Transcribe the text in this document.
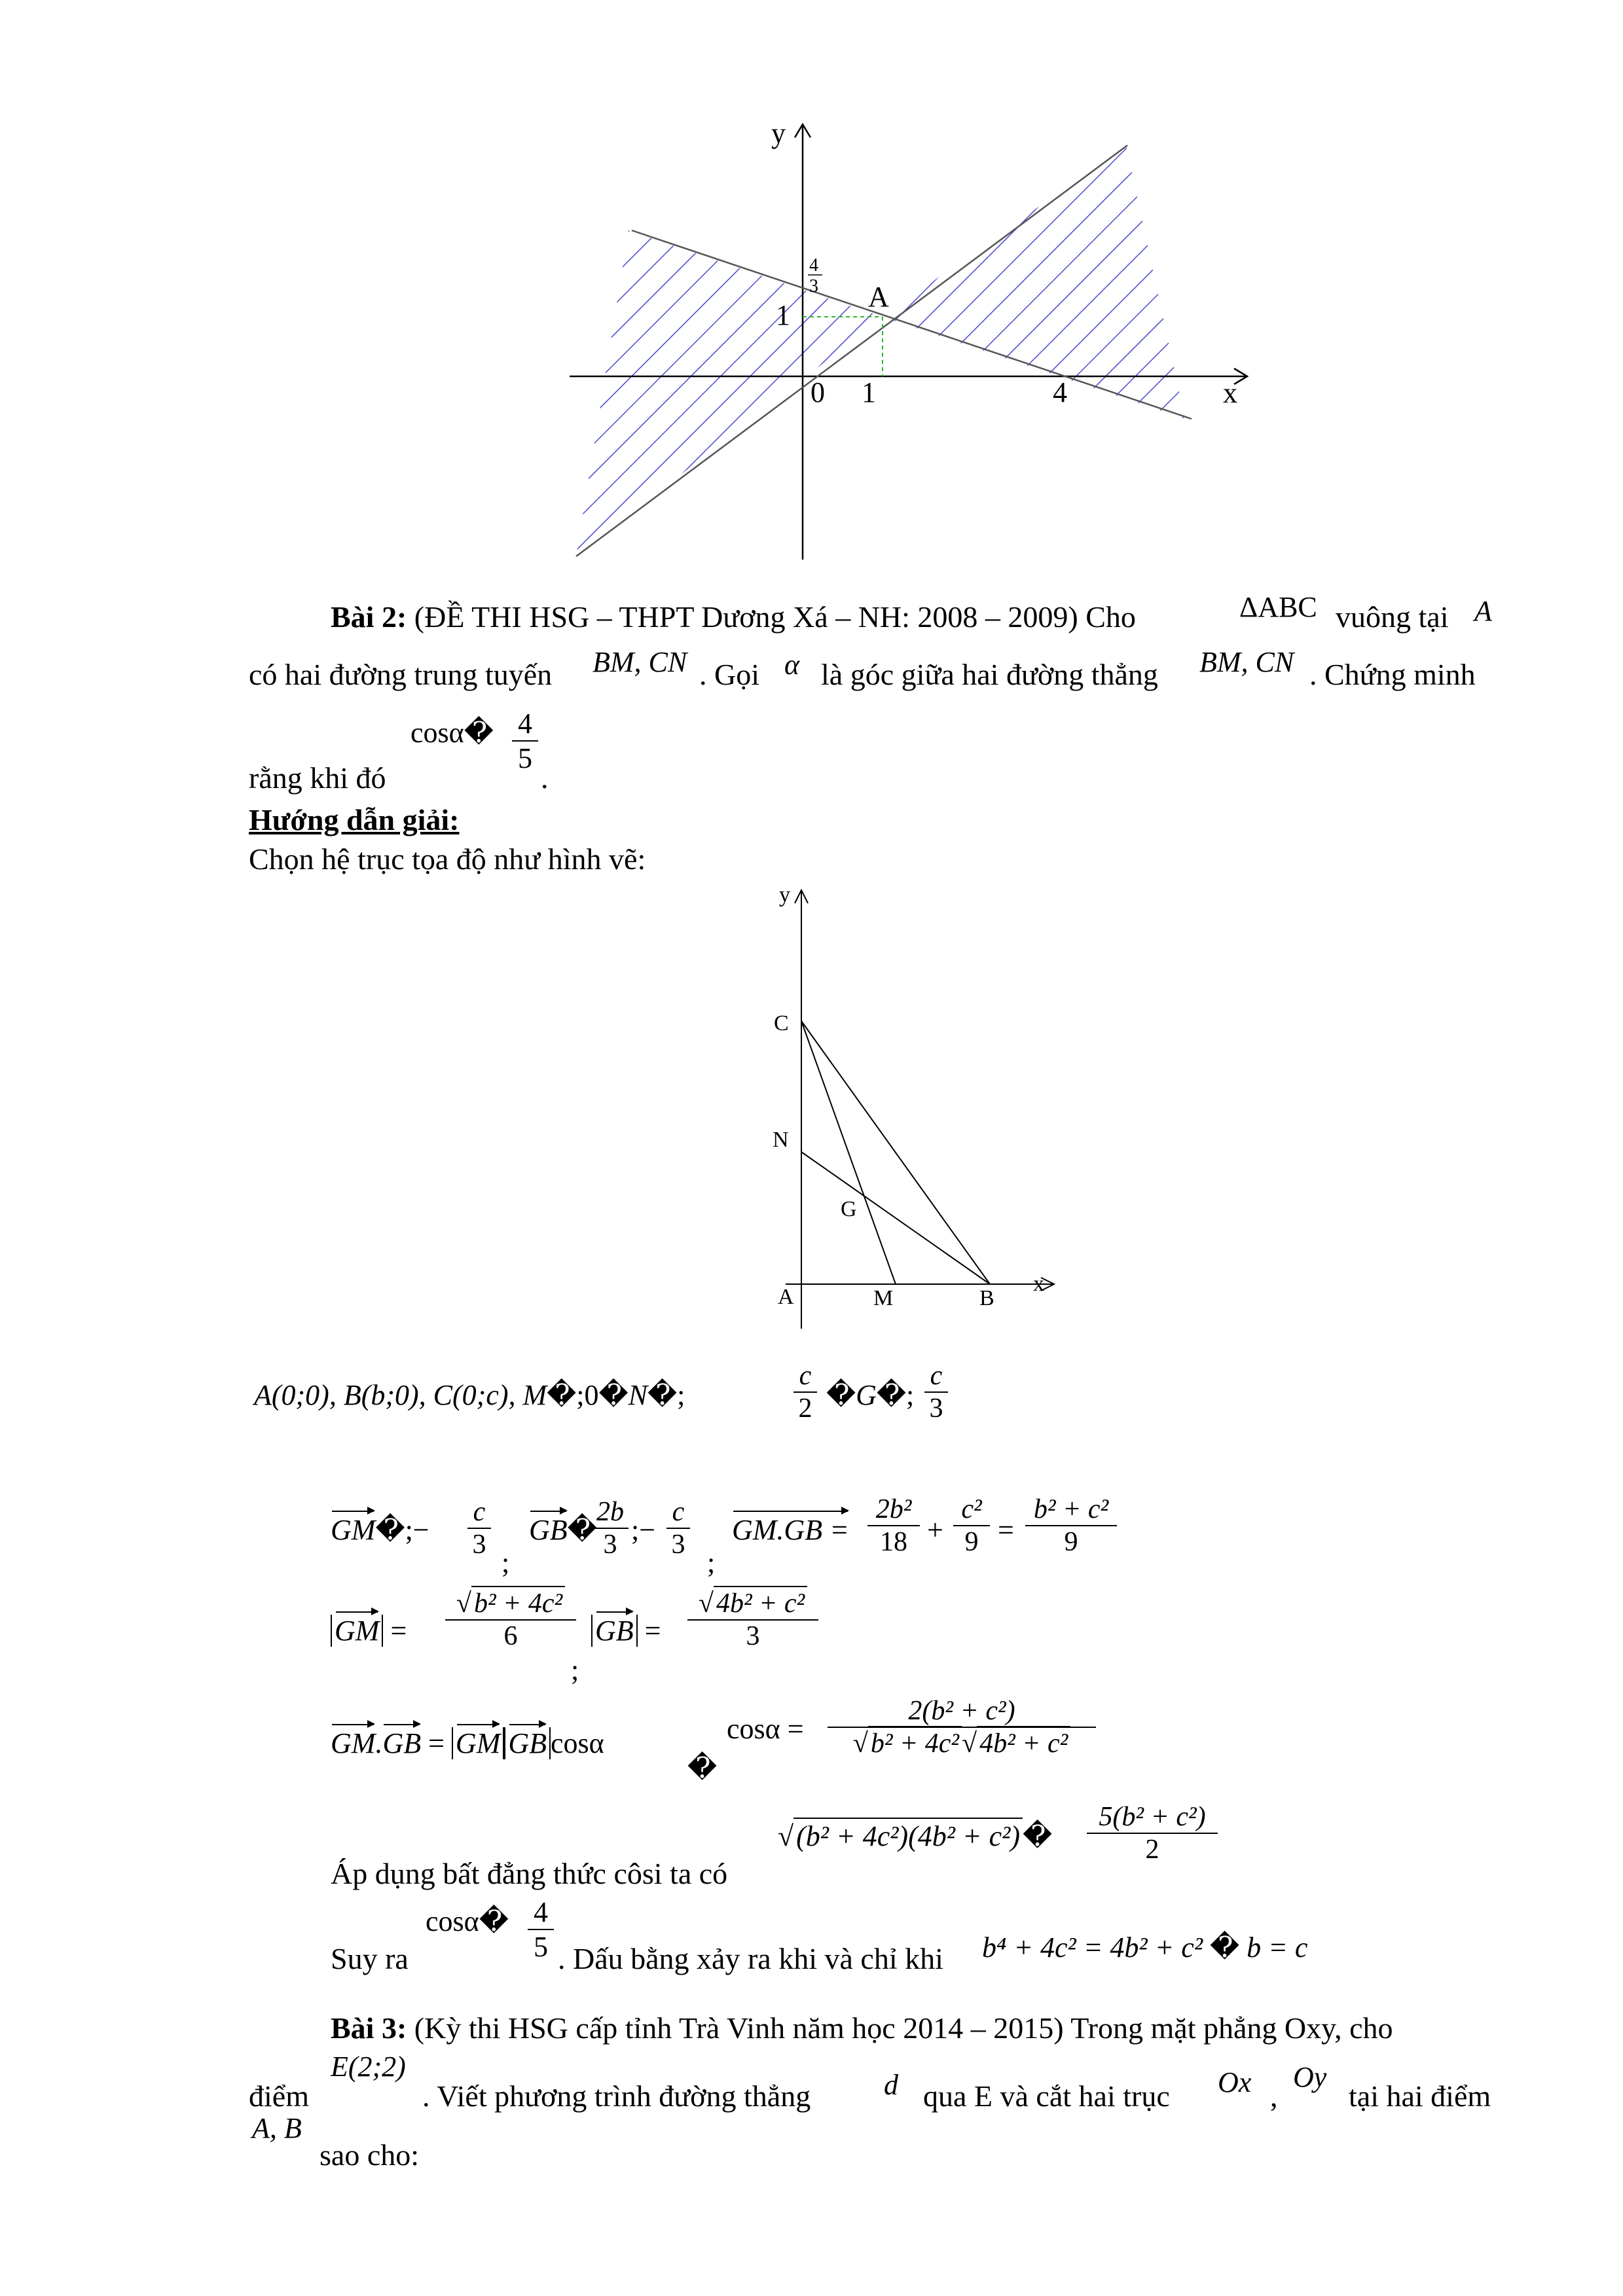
y
x
0 1	4
1
4
3 A
Bài 2: (ĐỀ THI HSG – THPT Dương Xá – NH: 2008 – 2009) Cho	ΔABC vuông tại A
có hai đường trung tuyến BM, CN . Gọi α là góc giữa hai đường thẳng BM, CN . Chứng minh
cosα� $\frac{4}{5}$
rằng khi đó	.
Hướng dẫn giải:
Chọn hệ trục tọa độ như hình vẽ:
y
x
C
N
G
A	M	B
A(0;0), B(b;0), C(0;c), M�;0�N�;	$\frac{c}{2}$ �G�; $\frac{c}{3}$
GM�;− $\frac{c}{3}$ GB�
$\frac{2b}{3}$ ;− $\frac{c}{3} GM.GB = \frac{\text{2b²}}{18} + \frac{\text{c²}}{9} = \frac{\text{b² + c²}}{9}$
;	;
GM =
√b² + 4c²
6
;
GB =
√4b² + c²
3
GM.GB = GM GB cosα
�
cosα =
2(b² + c²)
√b² + 4c²√4b² + c²
√(b² + 4c²)(4b² + c²)� $\frac{\text{5(b² + c²)}}{2}$
Áp dụng bất đẳng thức côsi ta có
cosα� $\frac{4}{5}$
Suy ra	. Dấu bằng xảy ra khi và chỉ khi b⁴ + 4c² = 4b² + c² � b = c
Bài 3: (Kỳ thi HSG cấp tỉnh Trà Vinh năm học 2014 – 2015) Trong mặt phẳng Oxy, cho
điểm
E(2;2)
. Viết phương trình đường thẳng	d qua E và cắt hai trục Ox ,
Oy
tại hai điểm
A, B
sao cho:
